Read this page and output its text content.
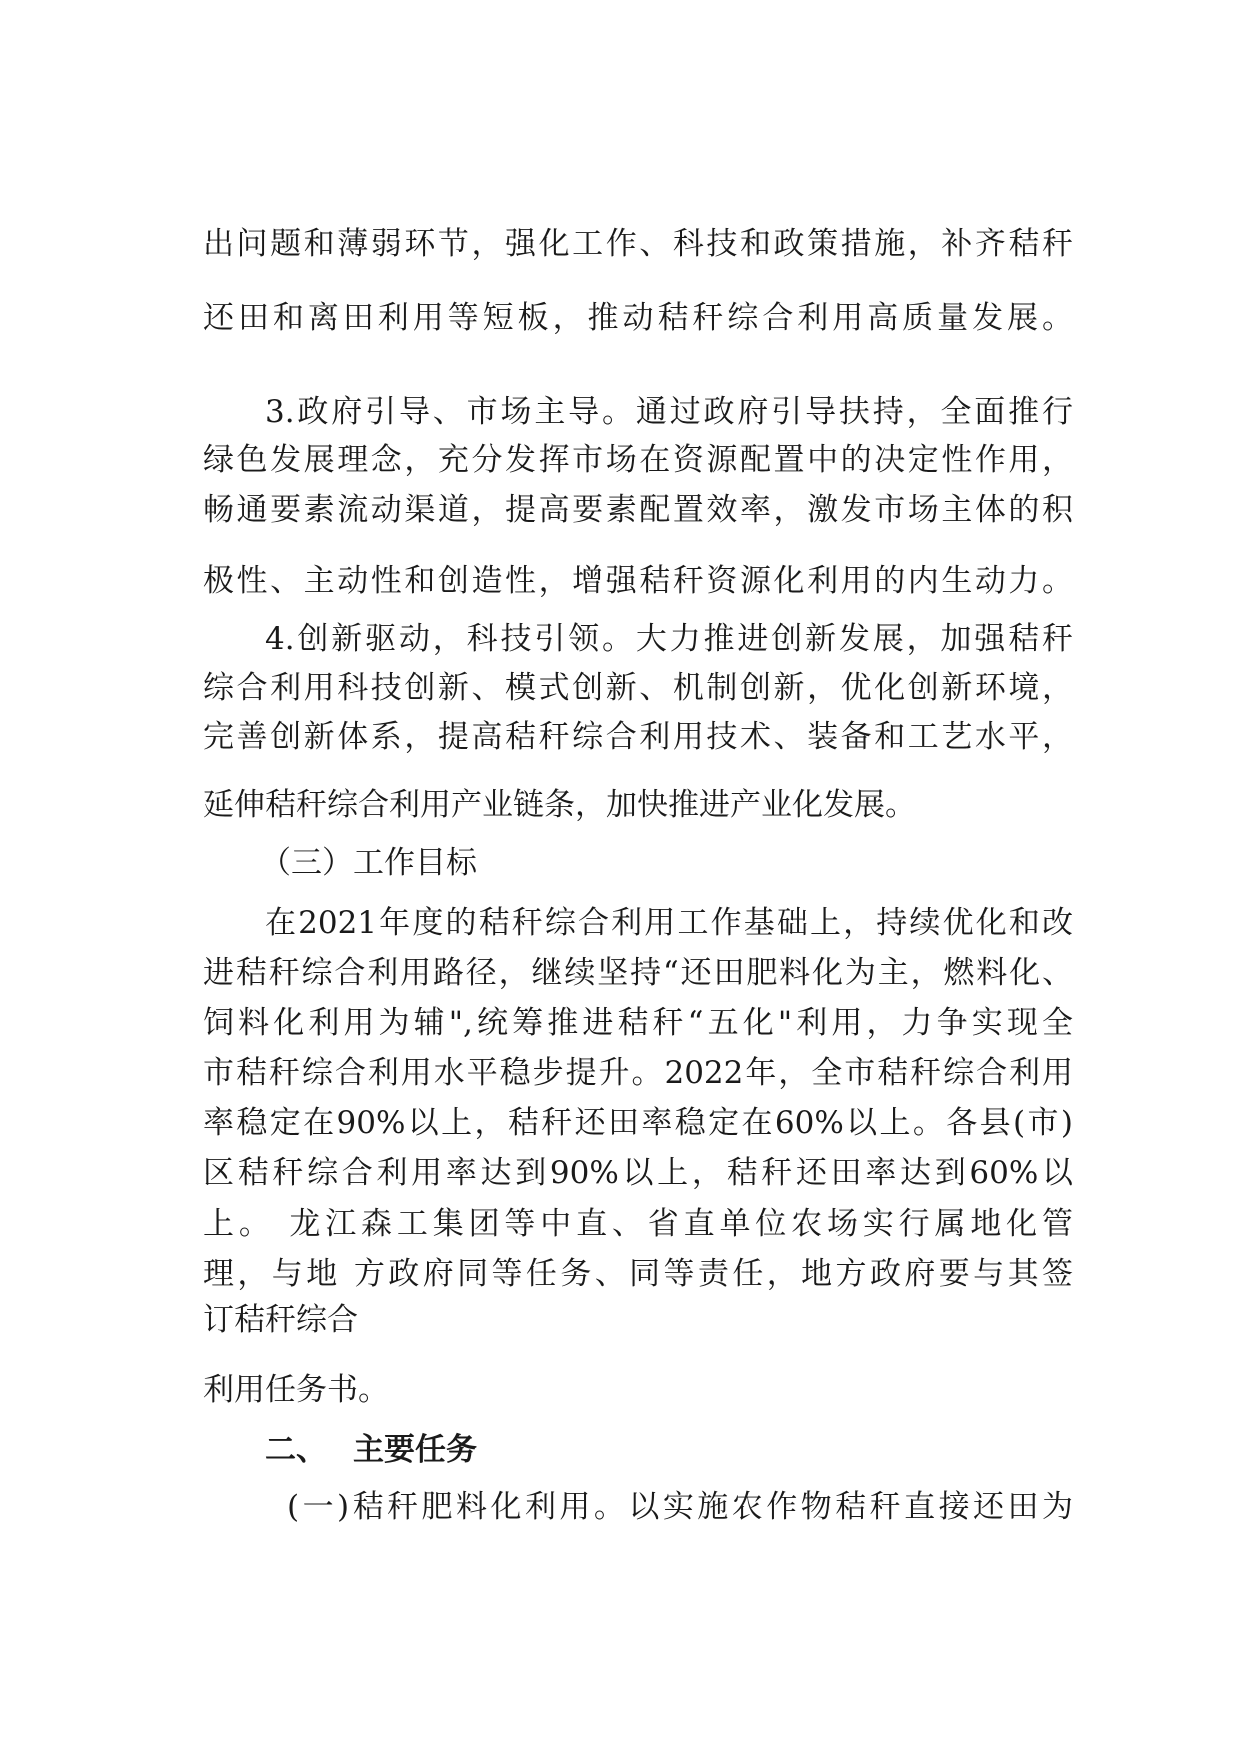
出问题和薄弱环节，强化工作、科技和政策措施，补齐秸秆
还田和离田利用等短板，推动秸秆综合利用高质量发展。
3.政府引导、市场主导。通过政府引导扶持，全面推行
绿色发展理念，充分发挥市场在资源配置中的决定性作用，
畅通要素流动渠道，提高要素配置效率，激发市场主体的积
极性、主动性和创造性，增强秸秆资源化利用的内生动力。
4.创新驱动，科技引领。大力推进创新发展，加强秸秆
综合利用科技创新、模式创新、机制创新，优化创新环境，
完善创新体系，提高秸秆综合利用技术、装备和工艺水平，
延伸秸秆综合利用产业链条，加快推进产业化发展。
（三）工作目标
在2021年度的秸秆综合利用工作基础上，持续优化和改
进秸秆综合利用路径，继续坚持“还田肥料化为主，燃料化、
饲料化利用为辅",统筹推进秸秆“五化"利用，力争实现全
市秸秆综合利用水平稳步提升。2022年，全市秸秆综合利用
率稳定在90%以上，秸秆还田率稳定在60%以上。各县(市)
区秸秆综合利用率达到90%以上，秸秆还田率达到60%以
上。 龙江森工集团等中直、省直单位农场实行属地化管
理，与地 方政府同等任务、同等责任，地方政府要与其签
订秸秆综合
利用任务书。
二、 主要任务
(一)秸秆肥料化利用。以实施农作物秸秆直接还田为
